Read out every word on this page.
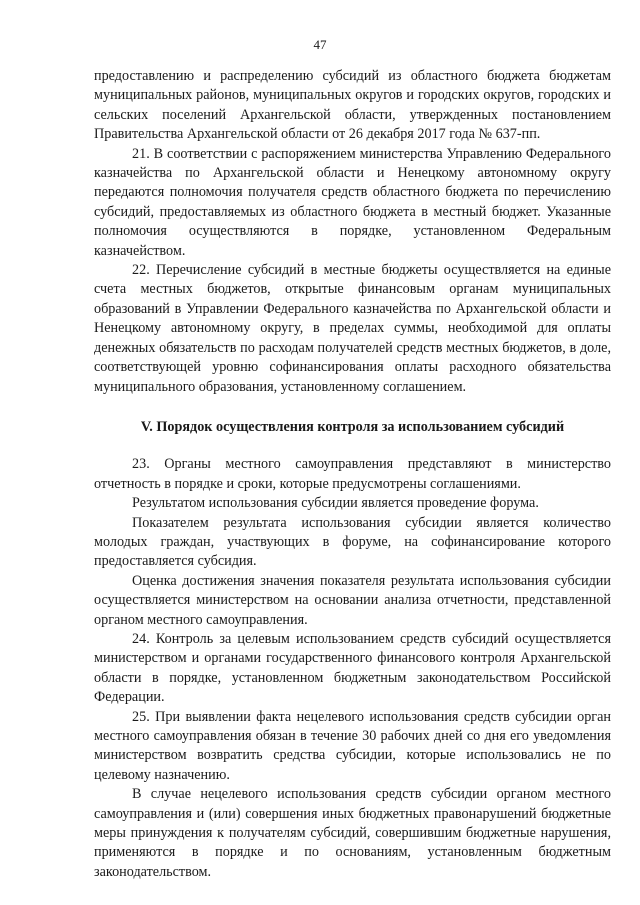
47

предоставлению и распределению субсидий из областного бюджета бюджетам муниципальных районов, муниципальных округов и городских округов, городских и сельских поселений Архангельской области, утвержденных постановлением Правительства Архангельской области от 26 декабря 2017 года № 637-пп.

21. В соответствии с распоряжением министерства Управлению Федерального казначейства по Архангельской области и Ненецкому автономному округу передаются полномочия получателя средств областного бюджета по перечислению субсидий, предоставляемых из областного бюджета в местный бюджет. Указанные полномочия осуществляются в порядке, установленном Федеральным казначейством.

22. Перечисление субсидий в местные бюджеты осуществляется на единые счета местных бюджетов, открытые финансовым органам муниципальных образований в Управлении Федерального казначейства по Архангельской области и Ненецкому автономному округу, в пределах суммы, необходимой для оплаты денежных обязательств по расходам получателей средств местных бюджетов, в доле, соответствующей уровню софинансирования оплаты расходного обязательства муниципального образования, установленному соглашением.

V. Порядок осуществления контроля за использованием субсидий

23. Органы местного самоуправления представляют в министерство отчетность в порядке и сроки, которые предусмотрены соглашениями.

Результатом использования субсидии является проведение форума.

Показателем результата использования субсидии является количество молодых граждан, участвующих в форуме, на софинансирование которого предоставляется субсидия.

Оценка достижения значения показателя результата использования субсидии осуществляется министерством на основании анализа отчетности, представленной органом местного самоуправления.

24. Контроль за целевым использованием средств субсидий осуществляется министерством и органами государственного финансового контроля Архангельской области в порядке, установленном бюджетным законодательством Российской Федерации.

25. При выявлении факта нецелевого использования средств субсидии орган местного самоуправления обязан в течение 30 рабочих дней со дня его уведомления министерством возвратить средства субсидии, которые использовались не по целевому назначению.

В случае нецелевого использования средств субсидии органом местного самоуправления и (или) совершения иных бюджетных правонарушений бюджетные меры принуждения к получателям субсидий, совершившим бюджетные нарушения, применяются в порядке и по основаниям, установленным бюджетным законодательством.
